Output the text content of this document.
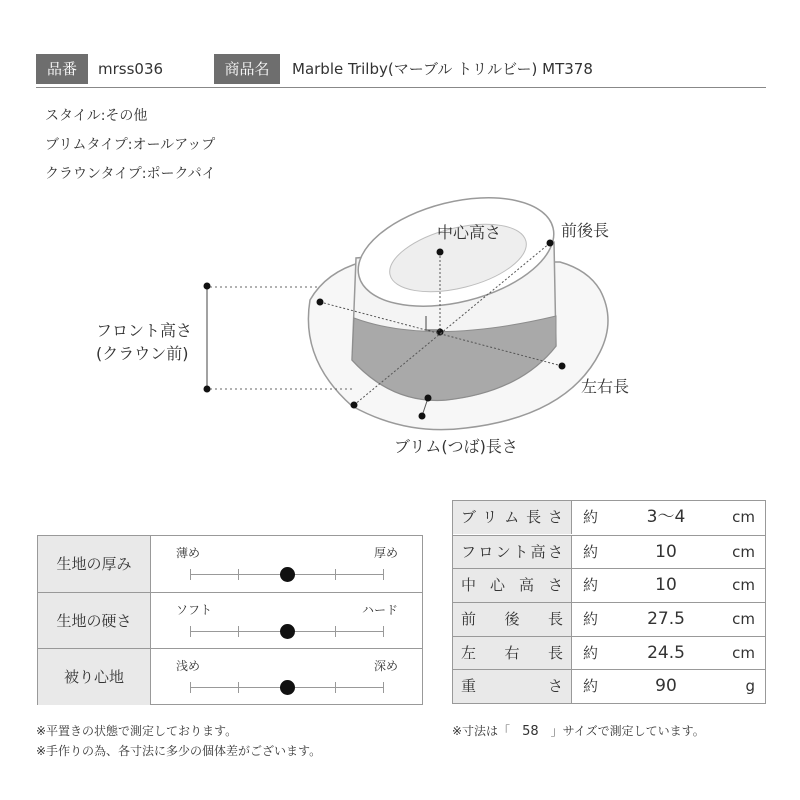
品番	mrss036	商品名	Marble Trilby(マーブル トリルビー) MT378
スタイル:その他
ブリムタイプ:オールアップ
クラウンタイプ:ポークパイ
中心高さ	前後長
フロント高さ
(クラウン前)
左右長
ブリム(つば)長さ
生地の厚み
薄め	厚め
生地の硬さ
ソフト	ハード
被り心地
浅め	深め
ブリム長さ 約	3〜4	cm
フロント高さ 約	10	cm
中心高さ 約	10	cm
前後長 約	27.5	cm
左右長 約	24.5	cm
重さ 約	90	g
※平置きの状態で測定しております。
※手作りの為、各寸法に多少の個体差がございます。
※寸法は「 58 」サイズで測定しています。
